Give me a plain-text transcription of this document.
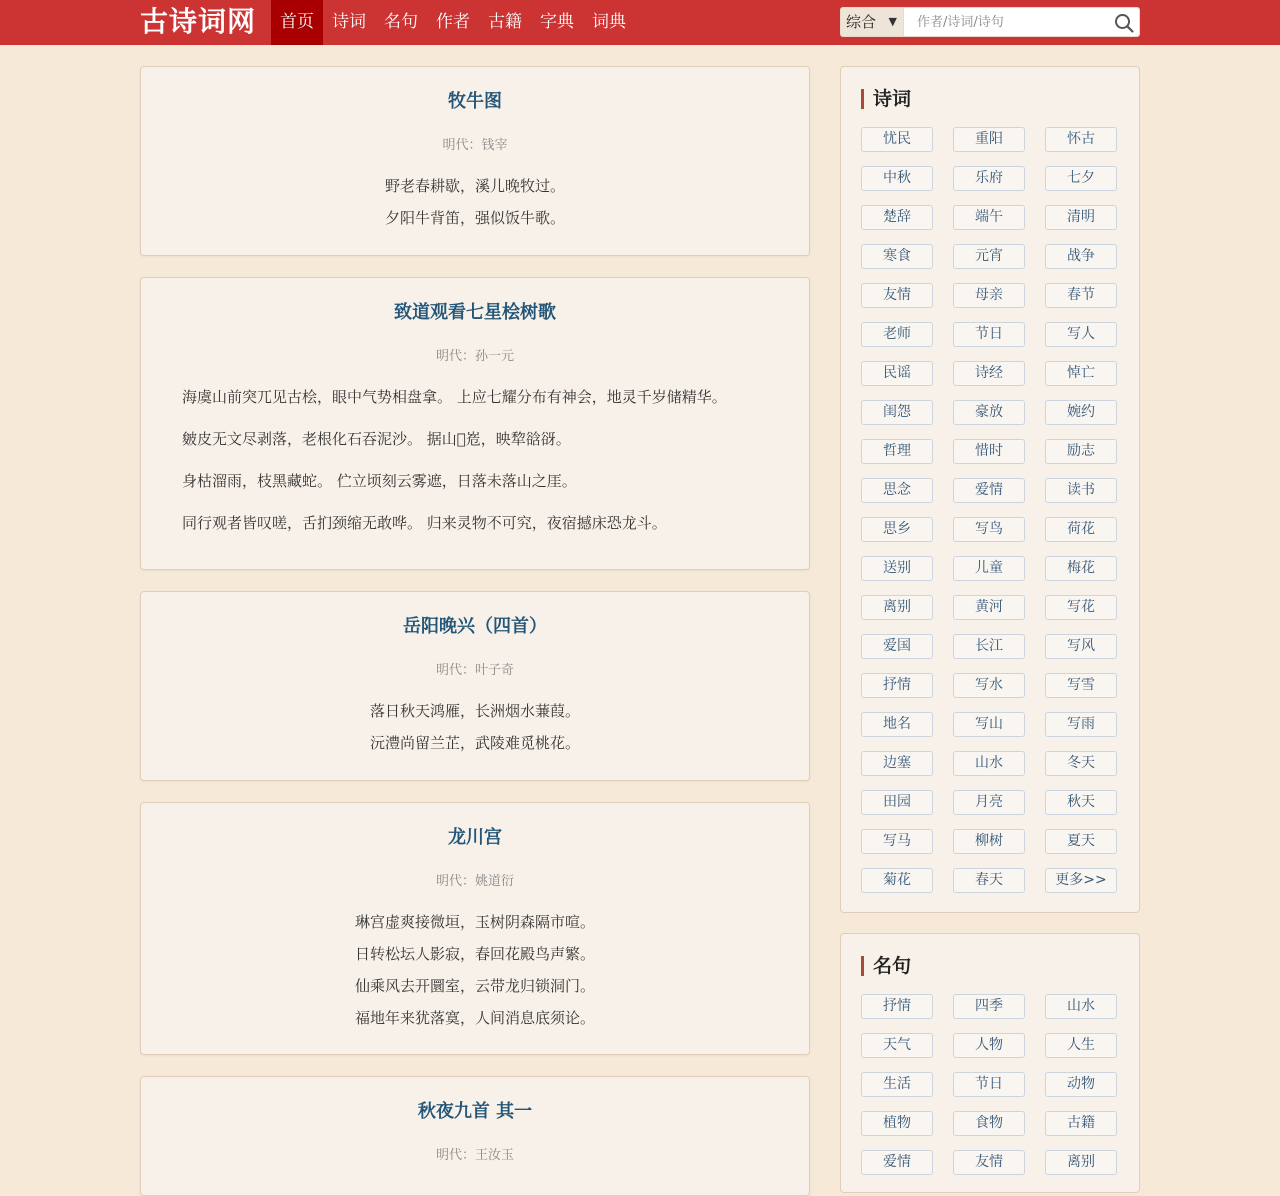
古诗词网	首页	诗词	名句	作者	古籍	字典	词典	综合 ▼
作者/诗词/诗句
牧牛图
明代：钱宰
野老春耕歇，溪儿晚牧过。
夕阳牛背笛，强似饭牛歌。
致道观看七星桧树歌
明代：孙一元
海虞山前突兀见古桧，眼中气势相盘拿。 上应七耀分布有神会，地灵千岁储精华。
皴皮无文尽剥落，老根化石吞泥沙。 据山𡽱峞，映犂谽谺。
身枯溜雨，枝黑藏蛇。 伫立顷刻云雾遮，日落未落山之厓。
同行观者皆叹嗟，舌扪颈缩无敢哗。 归来灵物不可究，夜宿撼床恐龙斗。
岳阳晚兴（四首）
明代：叶子奇
落日秋天鸿雁，长洲烟水蒹葭。
沅澧尚留兰芷，武陵难觅桃花。
龙川宫
明代：姚道衍
琳宫虚爽接微垣，玉树阴森隔市喧。
日转松坛人影寂，春回花殿鸟声繁。
仙乘风去开圜室，云带龙归锁洞门。
福地年来犹落寞，人间消息底须论。
秋夜九首 其一
明代：王汝玉
诗词
忧民	重阳	怀古
中秋	乐府	七夕
楚辞	端午	清明
寒食	元宵	战争
友情	母亲	春节
老师	节日	写人
民谣	诗经	悼亡
闺怨	豪放	婉约
哲理	惜时	励志
思念	爱情	读书
思乡	写鸟	荷花
送别	儿童	梅花
离别	黄河	写花
爱国	长江	写风
抒情	写水	写雪
地名	写山	写雨
边塞	山水	冬天
田园	月亮	秋天
写马	柳树	夏天
菊花	春天	更多>>
名句
抒情	四季	山水
天气	人物	人生
生活	节日	动物
植物	食物	古籍
爱情	友情	离别
